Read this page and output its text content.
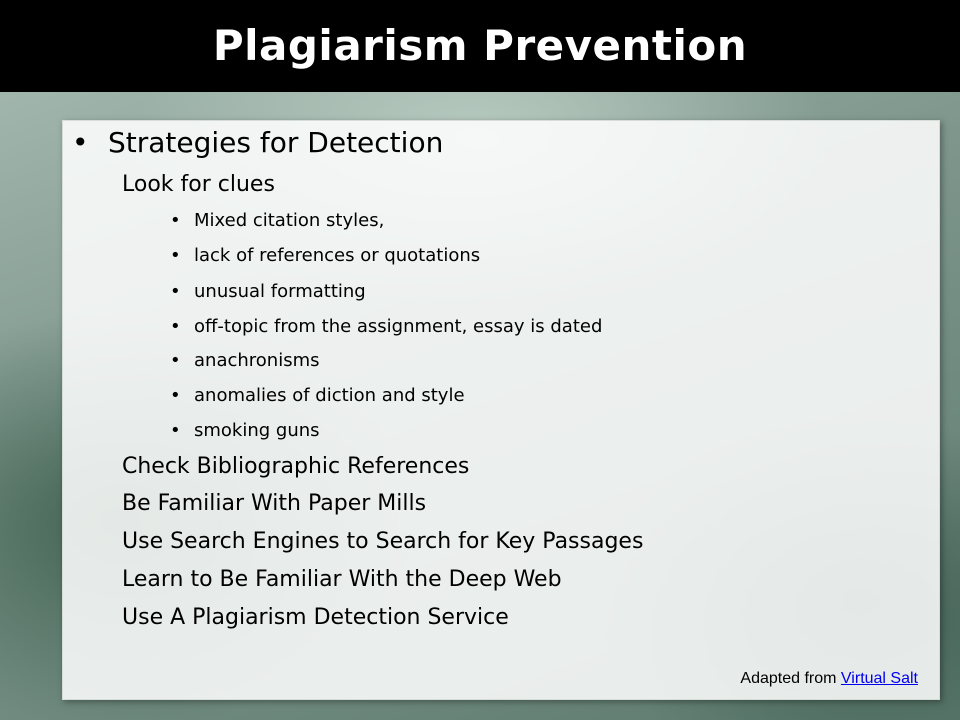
Plagiarism Prevention
• Strategies for Detection
Look for clues
• Mixed citation styles,
• lack of references or quotations
• unusual formatting
• off-topic from the assignment, essay is dated
• anachronisms
• anomalies of diction and style
• smoking guns
Check Bibliographic References
Be Familiar With Paper Mills
Use Search Engines to Search for Key Passages
Learn to Be Familiar With the Deep Web
Use A Plagiarism Detection Service
Adapted from Virtual Salt
